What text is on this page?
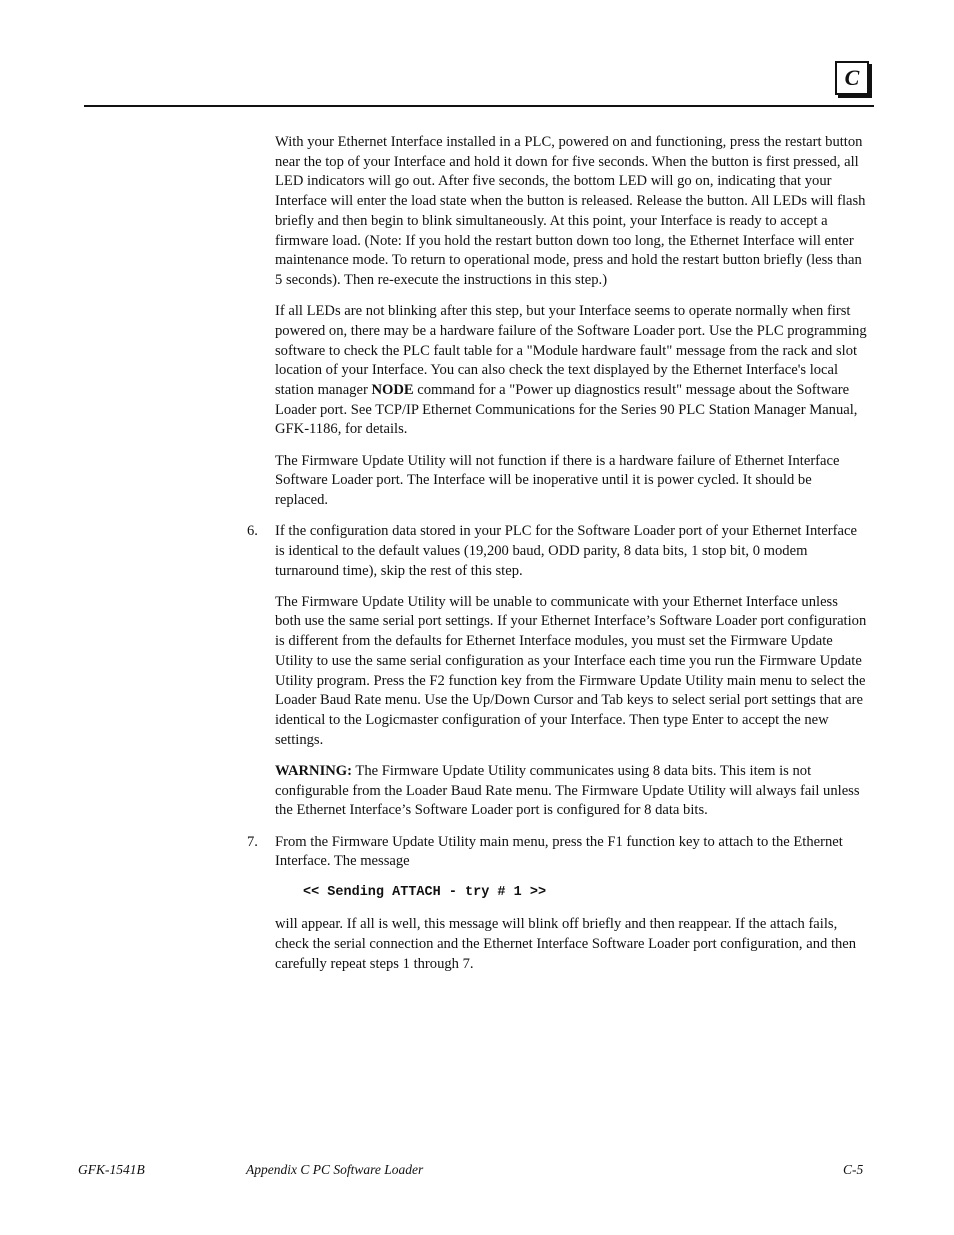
C

With your Ethernet Interface installed in a PLC, powered on and functioning, press the restart button near the top of your Interface and hold it down for five seconds. When the button is first pressed, all LED indicators will go out. After five seconds, the bottom LED will go on, indicating that your Interface will enter the load state when the button is released. Release the button. All LEDs will flash briefly and then begin to blink simultaneously. At this point, your Interface is ready to accept a firmware load. (Note: If you hold the restart button down too long, the Ethernet Interface will enter maintenance mode. To return to operational mode, press and hold the restart button briefly (less than 5 seconds). Then re-execute the instructions in this step.)

If all LEDs are not blinking after this step, but your Interface seems to operate normally when first powered on, there may be a hardware failure of the Software Loader port. Use the PLC programming software to check the PLC fault table for a "Module hardware fault" message from the rack and slot location of your Interface. You can also check the text displayed by the Ethernet Interface's local station manager NODE command for a "Power up diagnostics result" message about the Software Loader port. See TCP/IP Ethernet Communications for the Series 90 PLC Station Manager Manual, GFK-1186, for details.

The Firmware Update Utility will not function if there is a hardware failure of Ethernet Interface Software Loader port. The Interface will be inoperative until it is power cycled. It should be replaced.

6. If the configuration data stored in your PLC for the Software Loader port of your Ethernet Interface is identical to the default values (19,200 baud, ODD parity, 8 data bits, 1 stop bit, 0 modem turnaround time), skip the rest of this step.

The Firmware Update Utility will be unable to communicate with your Ethernet Interface unless both use the same serial port settings. If your Ethernet Interface’s Software Loader port configuration is different from the defaults for Ethernet Interface modules, you must set the Firmware Update Utility to use the same serial configuration as your Interface each time you run the Firmware Update Utility program. Press the F2 function key from the Firmware Update Utility main menu to select the Loader Baud Rate menu. Use the Up/Down Cursor and Tab keys to select serial port settings that are identical to the Logicmaster configuration of your Interface. Then type Enter to accept the new settings.

WARNING: The Firmware Update Utility communicates using 8 data bits. This item is not configurable from the Loader Baud Rate menu. The Firmware Update Utility will always fail unless the Ethernet Interface’s Software Loader port is configured for 8 data bits.

7. From the Firmware Update Utility main menu, press the F1 function key to attach to the Ethernet Interface. The message

<< Sending ATTACH - try # 1 >>

will appear. If all is well, this message will blink off briefly and then reappear. If the attach fails, check the serial connection and the Ethernet Interface Software Loader port configuration, and then carefully repeat steps 1 through 7.

GFK-1541B	Appendix C PC Software Loader	C-5
